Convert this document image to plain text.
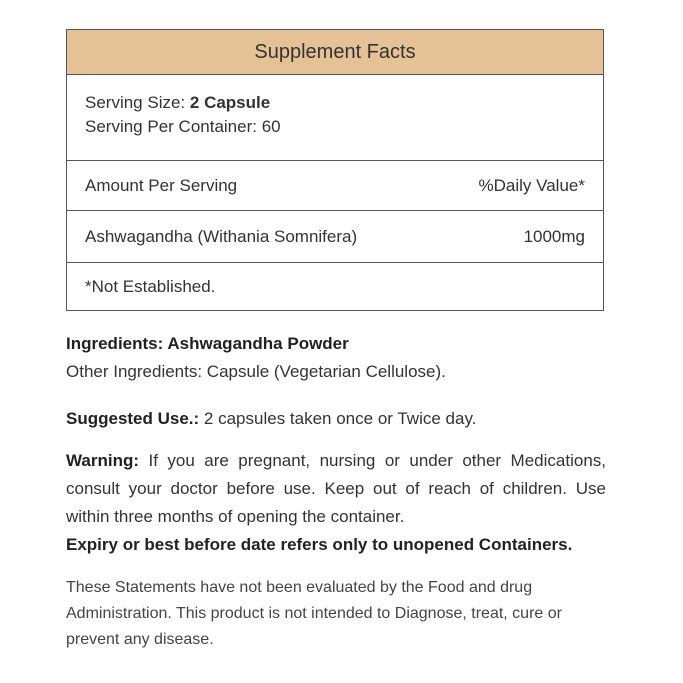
Supplement Facts
Serving Size: 2 Capsule
Serving Per Container: 60
Amount Per Serving	%Daily Value*
Ashwagandha (Withania Somnifera)	1000mg
*Not Established.
Ingredients: Ashwagandha Powder
Other Ingredients: Capsule (Vegetarian Cellulose).
Suggested Use.: 2 capsules taken once or Twice day.
Warning: If you are pregnant, nursing or under other Medications, consult your doctor before use. Keep out of reach of children. Use within three months of opening the container.
Expiry or best before date refers only to unopened Containers.
These Statements have not been evaluated by the Food and drug Administration. This product is not intended to Diagnose, treat, cure or prevent any disease.
